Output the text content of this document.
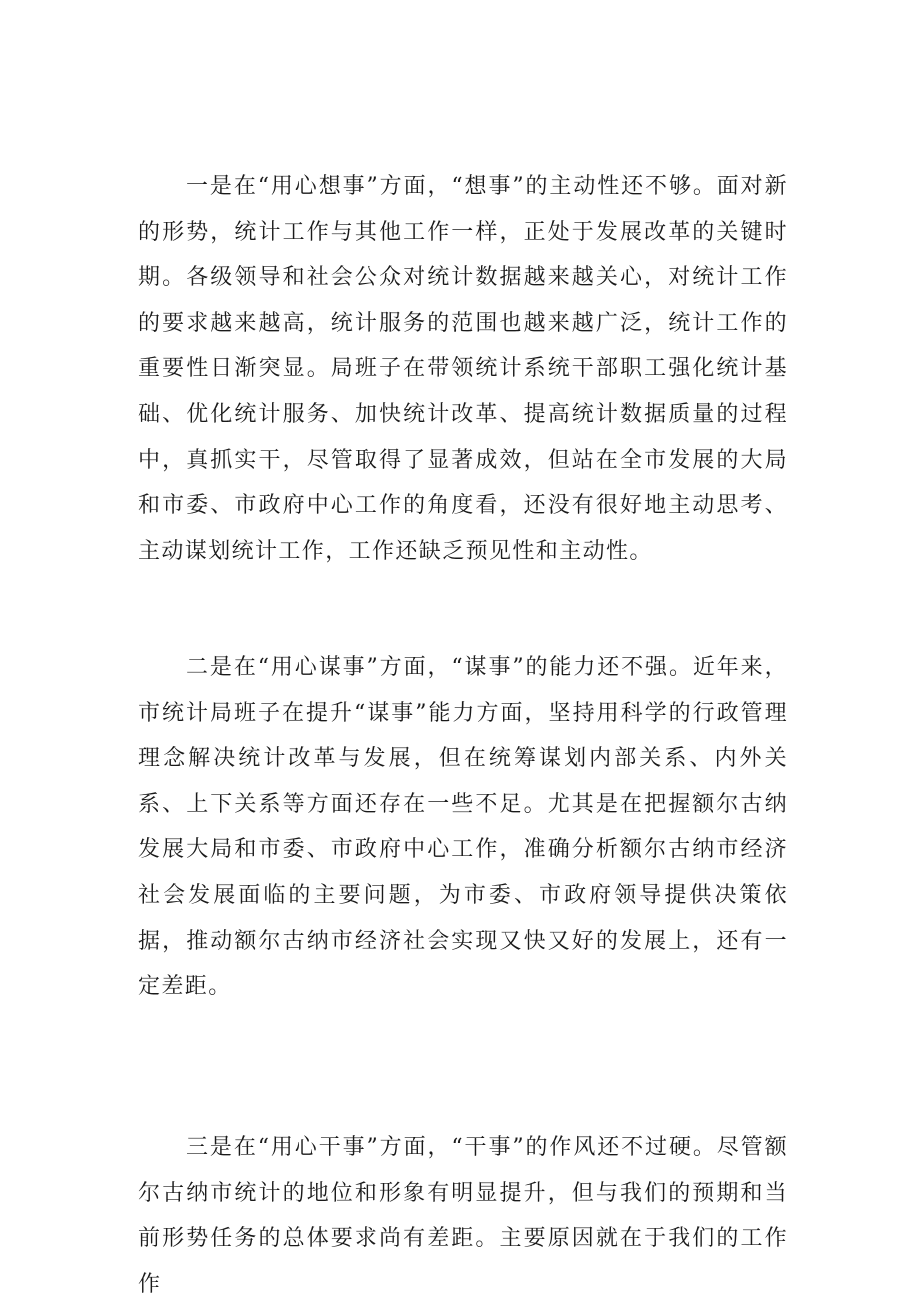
一是在“用心想事”方面，“想事”的主动性还不够。面对新的形势，统计工作与其他工作一样，正处于发展改革的关键时期。各级领导和社会公众对统计数据越来越关心，对统计工作的要求越来越高，统计服务的范围也越来越广泛，统计工作的重要性日渐突显。局班子在带领统计系统干部职工强化统计基础、优化统计服务、加快统计改革、提高统计数据质量的过程中，真抓实干，尽管取得了显著成效，但站在全市发展的大局和市委、市政府中心工作的角度看，还没有很好地主动思考、主动谋划统计工作，工作还缺乏预见性和主动性。

二是在“用心谋事”方面，“谋事”的能力还不强。近年来，市统计局班子在提升“谋事”能力方面，坚持用科学的行政管理理念解决统计改革与发展，但在统筹谋划内部关系、内外关系、上下关系等方面还存在一些不足。尤其是在把握额尔古纳发展大局和市委、市政府中心工作，准确分析额尔古纳市经济社会发展面临的主要问题，为市委、市政府领导提供决策依据，推动额尔古纳市经济社会实现又快又好的发展上，还有一定差距。

三是在“用心干事”方面，“干事”的作风还不过硬。尽管额尔古纳市统计的地位和形象有明显提升，但与我们的预期和当前形势任务的总体要求尚有差距。主要原因就在于我们的工作作
